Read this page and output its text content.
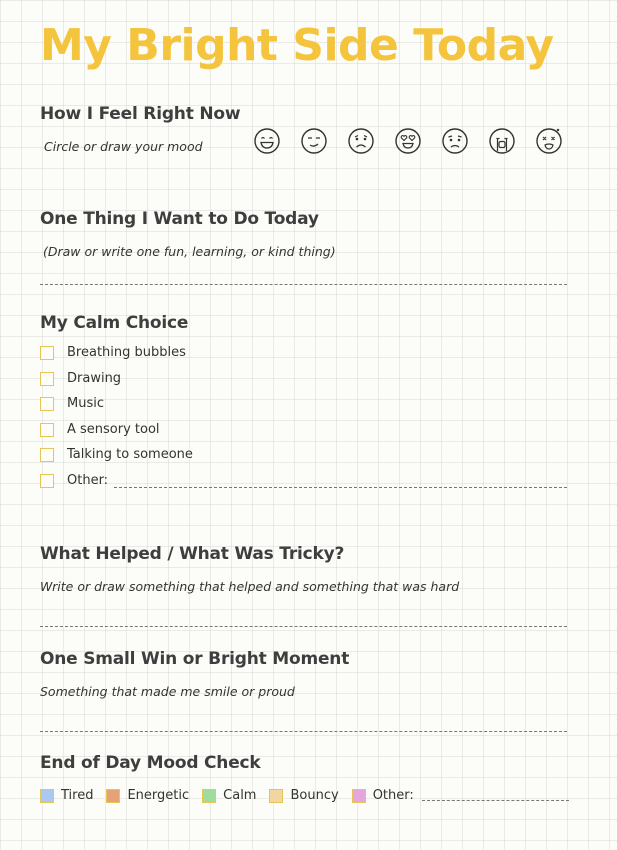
My Bright Side Today
How I Feel Right Now

Circle or draw your mood

One Thing I Want to Do Today

(Draw or write one fun, learning, or kind thing)

My Calm Choice
Breathing bubbles
Drawing
Music
A sensory tool
Talking to someone
Other:
What Helped / What Was Tricky?

Write or draw something that helped and something that was hard

One Small Win or Bright Moment

Something that made me smile or proud

End of Day Mood Check
Tired	Energetic	Calm	Bouncy	Other:
